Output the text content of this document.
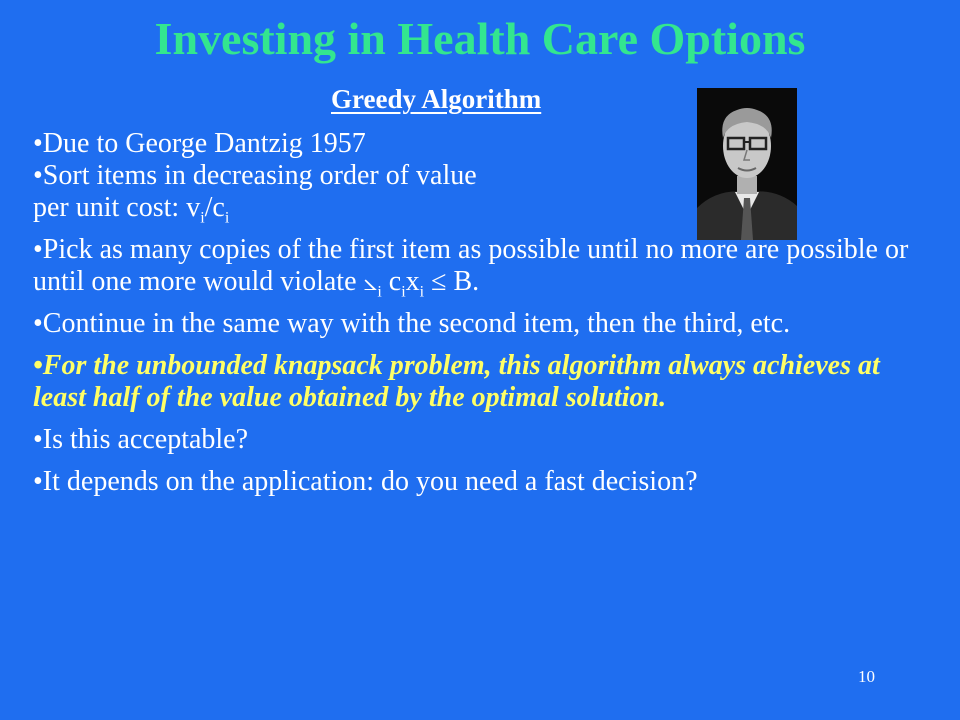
Investing in Health Care Options
Greedy Algorithm

•Due to George Dantzig 1957

•Sort items in decreasing order of value
per unit cost: $v_i/c_i$

•Pick as many copies of the first item as possible until no more are possible or until one more would violate $⦣_i$ $c_ix_i \le B$.

•Continue in the same way with the second item, then the third, etc.

•For the unbounded knapsack problem, this algorithm always achieves at least half of the value obtained by the optimal solution.

•Is this acceptable?

•It depends on the application: do you need a fast decision?

10
